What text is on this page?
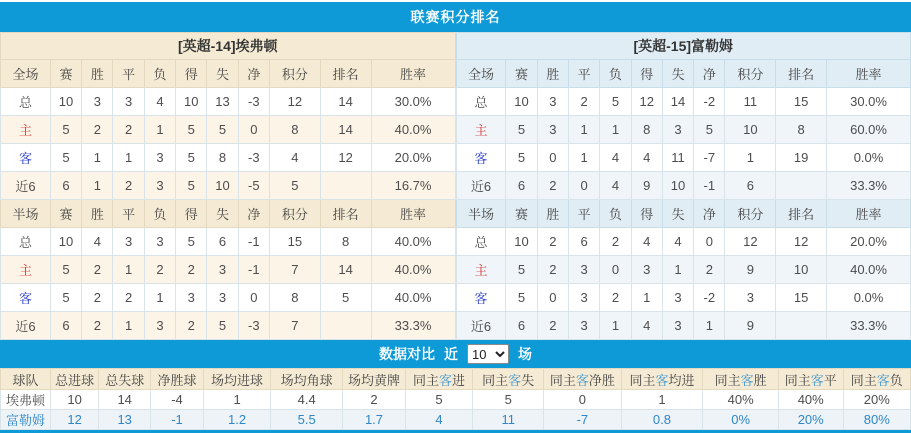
联赛积分排名
[英超-14]埃弗顿										
全场	赛	胜	平	负	得	失	净	积分	排名	胜率
总	10	3	3	4	10	13	-3	12	14	30.0%
主	5	2	2	1	5	5	0	8	14	40.0%
客	5	1	1	3	5	8	-3	4	12	20.0%
近6	6	1	2	3	5	10	-5	5		16.7%
半场	赛	胜	平	负	得	失	净	积分	排名	胜率
总	10	4	3	3	5	6	-1	15	8	40.0%
主	5	2	1	2	2	3	-1	7	14	40.0%
客	5	2	2	1	3	3	0	8	5	40.0%
近6	6	2	1	3	2	5	-3	7		33.3%
[英超-15]富勒姆										
全场	赛	胜	平	负	得	失	净	积分	排名	胜率
总	10	3	2	5	12	14	-2	11	15	30.0%
主	5	3	1	1	8	3	5	10	8	60.0%
客	5	0	1	4	4	11	-7	1	19	0.0%
近6	6	2	0	4	9	10	-1	6		33.3%
半场	赛	胜	平	负	得	失	净	积分	排名	胜率
总	10	2	6	2	4	4	0	12	12	20.0%
主	5	2	3	0	3	1	2	9	10	40.0%
客	5	0	3	2	1	3	-2	3	15	0.0%
近6	6	2	3	1	4	3	1	9		33.3%
数据对比 近
10	场
球队	总进球	总失球	净胜球	场均进球	场均角球	场均黄牌	同主客进	同主客失	同主客净胜	同主客均进	同主客胜	同主客平	同主客负
埃弗顿	10	14	-4	1	4.4	2	5	5	0	1	40%	40%	20%
富勒姆	12	13	-1	1.2	5.5	1.7	4	11	-7	0.8	0%	20%	80%
